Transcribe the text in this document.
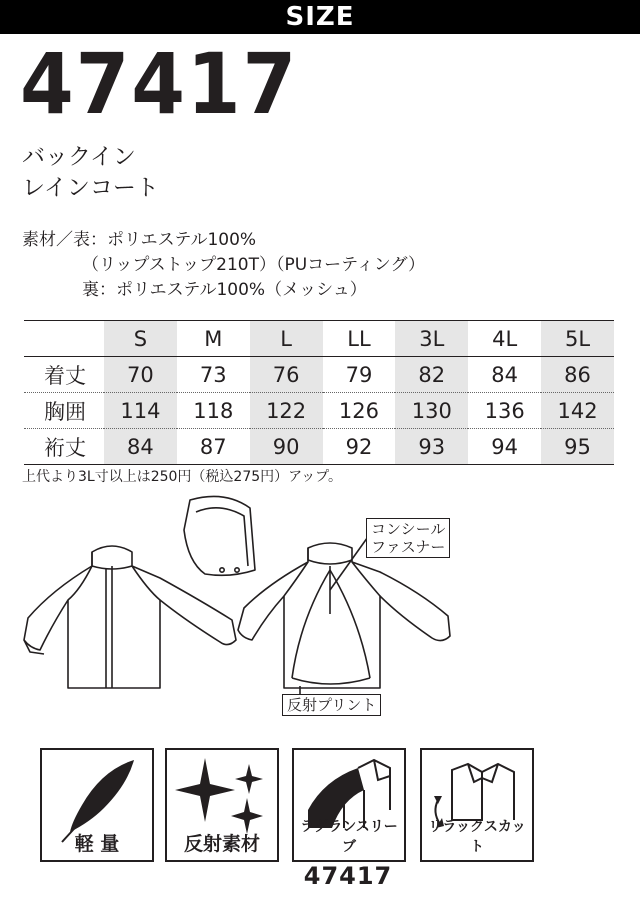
SIZE
47417
バックイン
レインコート
素材／表：ポリエステル100%
（リップストップ210T）（PUコーティング）
裏：ポリエステル100%（メッシュ）
	S	M	L	LL	3L	4L	5L
着丈	70	73	76	79	82	84	86
胸囲	114	118	122	126	130	136	142
裄丈	84	87	90	92	93	94	95
上代より3L寸以上は250円（税込275円）アップ。
コンシール
ファスナー
反射プリント
軽 量	反射素材
ラグランスリーブ
リラックスカット
47417
